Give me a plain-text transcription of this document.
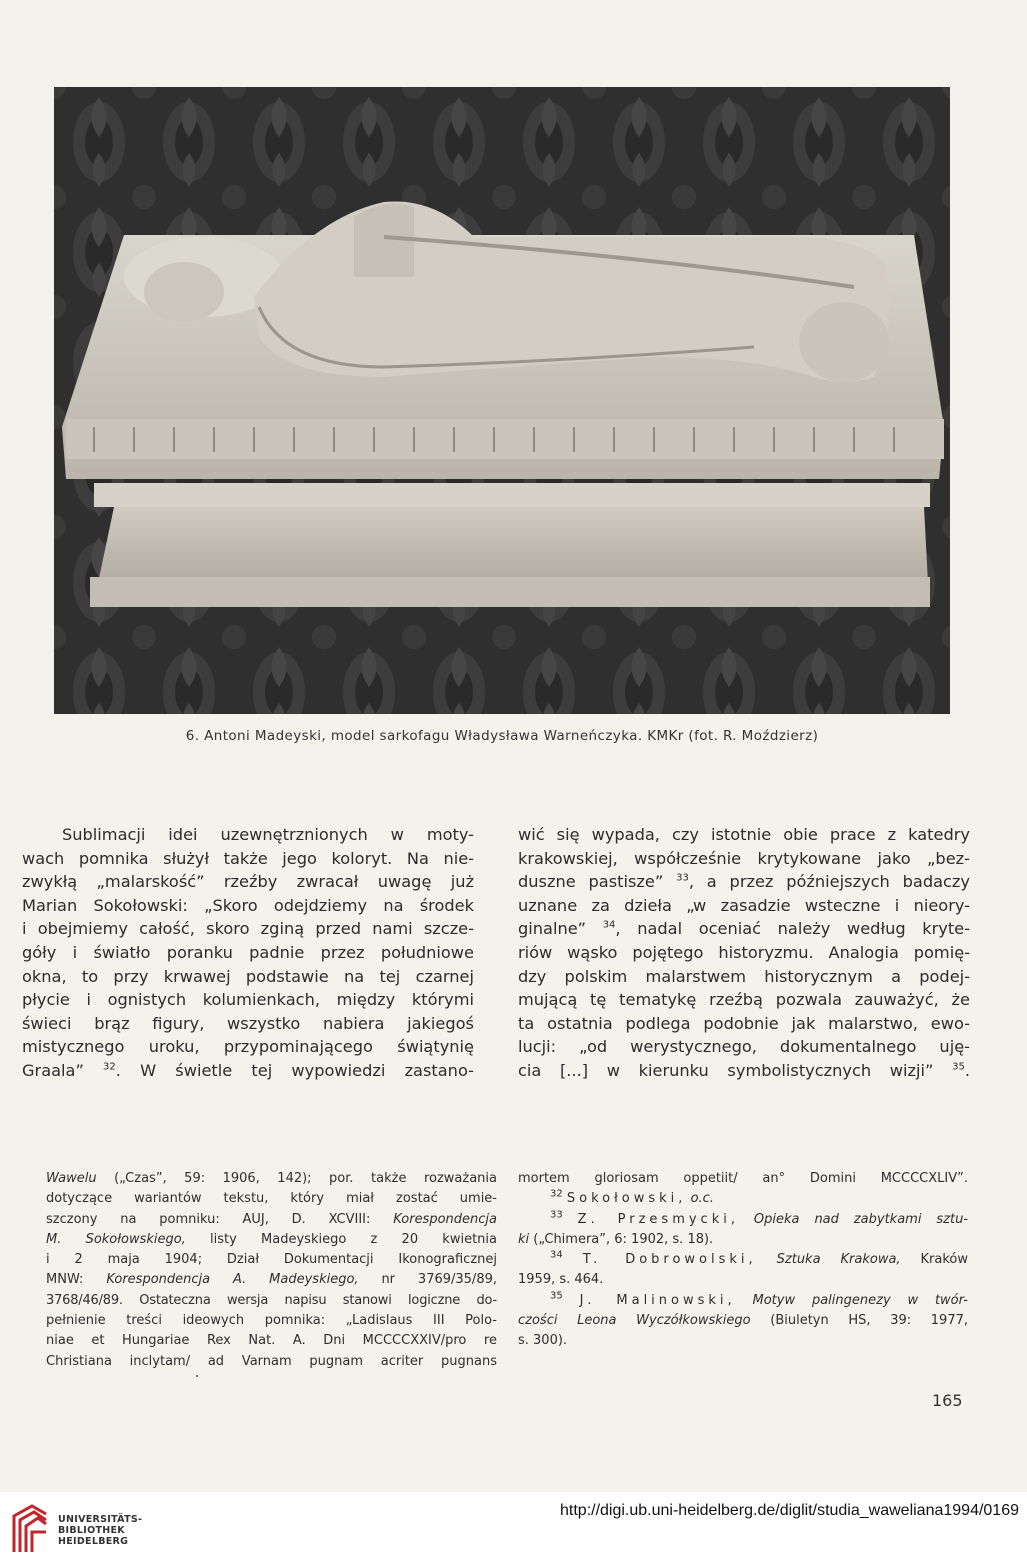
6. Antoni Madeyski, model sarkofagu Władysława Warneńczyka. KMKr (fot. R. Moździerz)
Sublimacji idei uzewnętrznionych w moty-
wach pomnika służył także jego koloryt. Na nie-
zwykłą „malarskość” rzeźby zwracał uwagę już
Marian Sokołowski: „Skoro odejdziemy na środek
i obejmiemy całość, skoro zginą przed nami szcze-
góły i światło poranku padnie przez południowe
okna, to przy krwawej podstawie na tej czarnej
płycie i ognistych kolumienkach, między którymi
świeci brąz figury, wszystko nabiera jakiegoś
mistycznego uroku, przypominającego świątynię
Graala” $^{32}$. W świetle tej wypowiedzi zastano-
wić się wypada, czy istotnie obie prace z katedry
krakowskiej, współcześnie krytykowane jako „bez-
duszne pastisze” $^{33}$, a przez późniejszych badaczy
uznane za dzieła „w zasadzie wsteczne i nieory-
ginalne” $^{34}$, nadal oceniać należy według kryte-
riów wąsko pojętego historyzmu. Analogia pomię-
dzy polskim malarstwem historycznym a podej-
mującą tę tematykę rzeźbą pozwala zauważyć, że
ta ostatnia podlega podobnie jak malarstwo, ewo-
lucji: „od werystycznego, dokumentalnego uję-
cia [...] w kierunku symbolistycznych wizji” $^{35}$.
Wawelu („Czas”, 59: 1906, 142); por. także rozważania
dotyczące wariantów tekstu, który miał zostać umie-
szczony na pomniku: AUJ, D. XCVIII: Korespondencja
M. Sokołowskiego, listy Madeyskiego z 20 kwietnia
i 2 maja 1904; Dział Dokumentacji Ikonograficznej
MNW: Korespondencja A. Madeyskiego, nr 3769/35/89,
3768/46/89. Ostateczna wersja napisu stanowi logiczne do-
pełnienie treści ideowych pomnika: „Ladislaus III Polo-
niae et Hungariae Rex Nat. A. Dni MCCCCXXIV/pro re
Christiana inclytam/ ad Varnam pugnam acriter pugnans
mortem gloriosam oppetiit/ an° Domini MCCCCXLIV”.
$^{32}$ Sokołowski, o.c.
$^{33}$ Z. Przesmycki, Opieka nad zabytkami sztu-
ki („Chimera”, 6: 1902, s. 18).
$^{34}$ T. Dobrowolski, Sztuka Krakowa, Kraków
1959, s. 464.
$^{35}$ J. Malinowski, Motyw palingenezy w twór-
czości Leona Wyczółkowskiego (Biuletyn HS, 39: 1977,
s. 300).
165
UNIVERSITÄTS-
BIBLIOTHEK
HEIDELBERG
http://digi.ub.uni-heidelberg.de/diglit/studia_waweliana1994/0169
